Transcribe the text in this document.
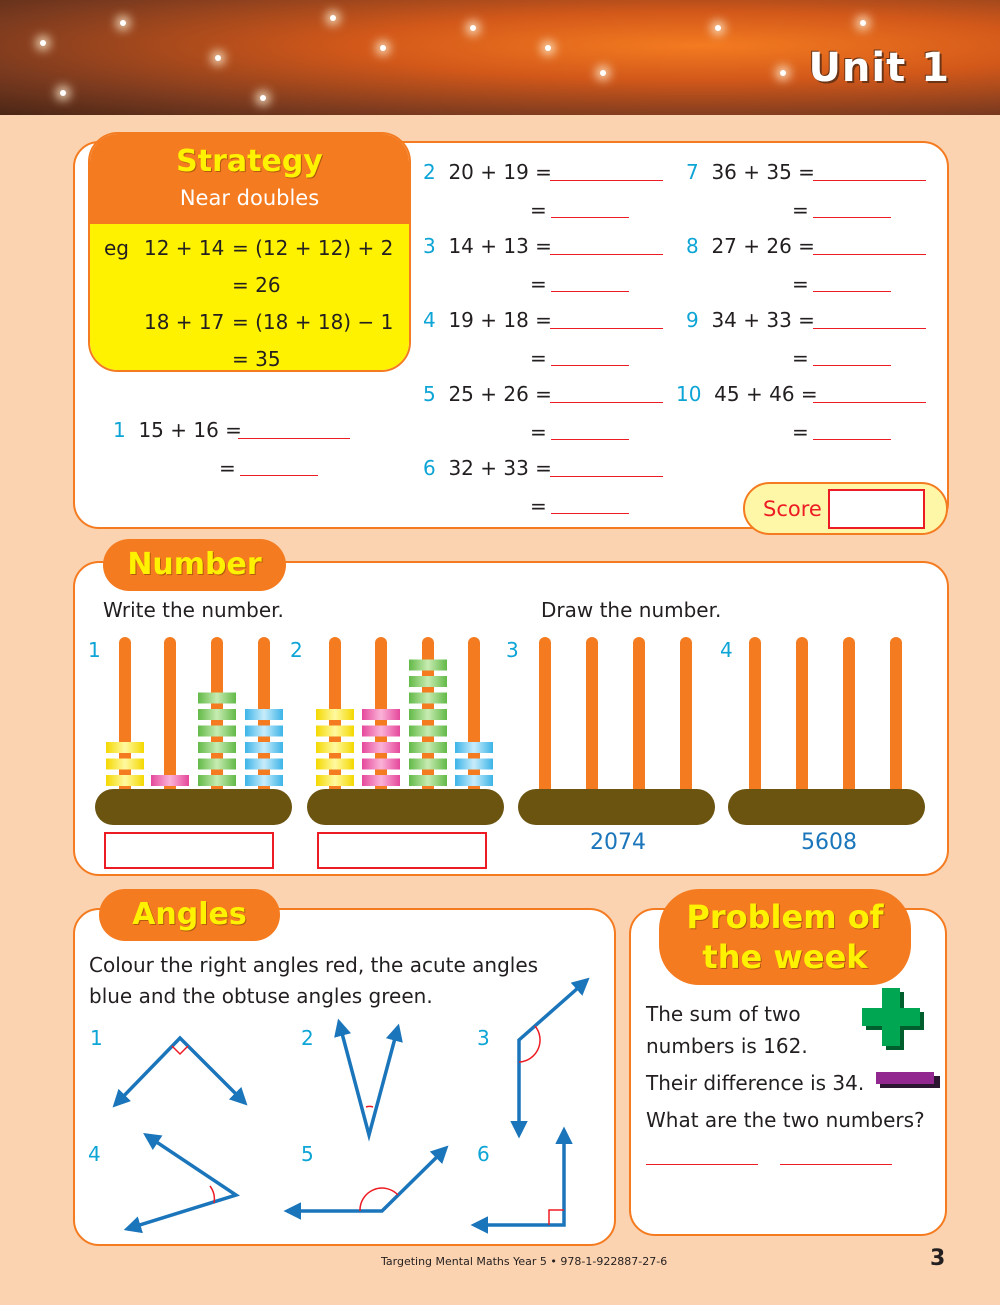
Unit 1
Strategy
Near doubles
eg 12 + 14 = (12 + 12) + 2
= 26
18 + 17 = (18 + 18) − 1
= 35
1 15 + 16 =
=
2 20 + 19 =
=
3 14 + 13 =
=
4 19 + 18 =
=
5 25 + 26 =
=
6 32 + 33 =
=
7 36 + 35 =
=
8 27 + 26 =
=
9 34 + 33 =
=
10 45 + 46 =
=
Score
Number
Write the number.	Draw the number.
1	2	3	4
2074	5608
Angles
Colour the right angles red, the acute angles
blue and the obtuse angles green.
1	2	3
4	5	6
Problem of
the week
The sum of two
numbers is 162.
Their difference is 34.
What are the two numbers?
Targeting Mental Maths Year 5 • 978-1-922887-27-6	3
